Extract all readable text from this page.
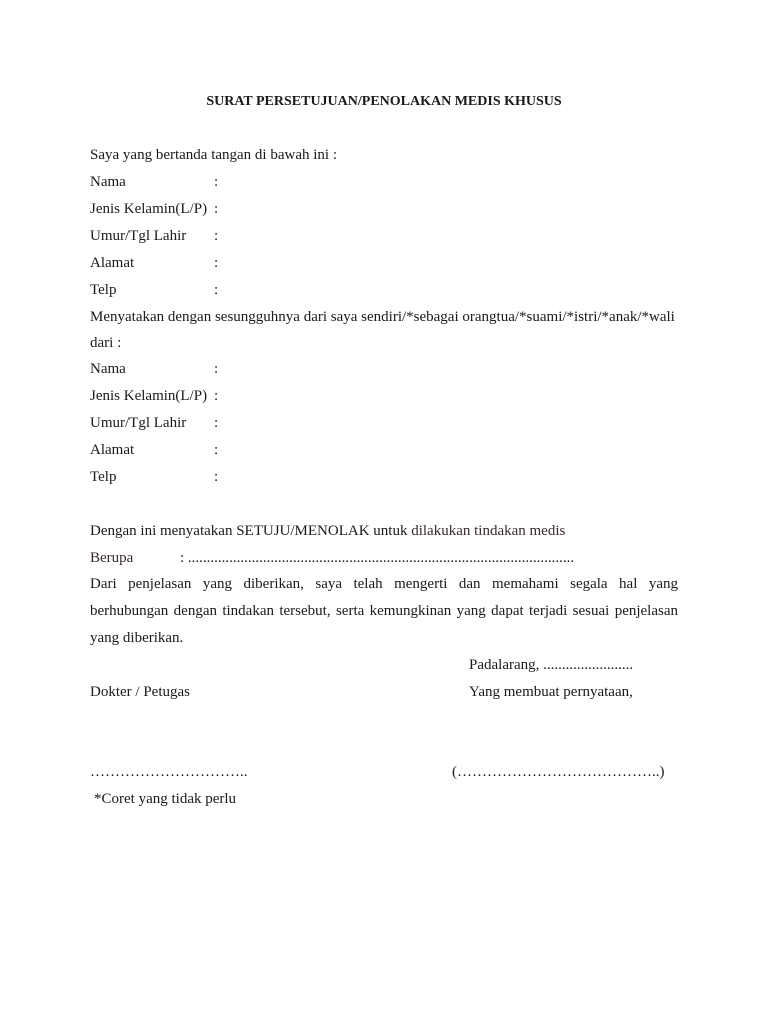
SURAT PERSETUJUAN/PENOLAKAN MEDIS KHUSUS
Saya yang bertanda tangan di bawah ini :
Nama	:
Jenis Kelamin(L/P) :
Umur/Tgl Lahir :
Alamat	:
Telp	:
Menyatakan dengan sesungguhnya dari saya sendiri/*sebagai orangtua/*suami/*istri/*anak/*wali
dari :
Nama	:
Jenis Kelamin(L/P) :
Umur/Tgl Lahir :
Alamat	:
Telp	:
Dengan ini menyatakan SETUJU/MENOLAK untuk dilakukan tindakan medis
Berupa	: .......................................................................................................
Dari penjelasan yang diberikan, saya telah mengerti dan memahami segala hal yang
berhubungan dengan tindakan tersebut, serta kemungkinan yang dapat terjadi sesuai penjelasan
yang diberikan.
Padalarang, ........................
Dokter / Petugas	Yang membuat pernyataan,
…………………………..	(…………………………………..)
*Coret yang tidak perlu
